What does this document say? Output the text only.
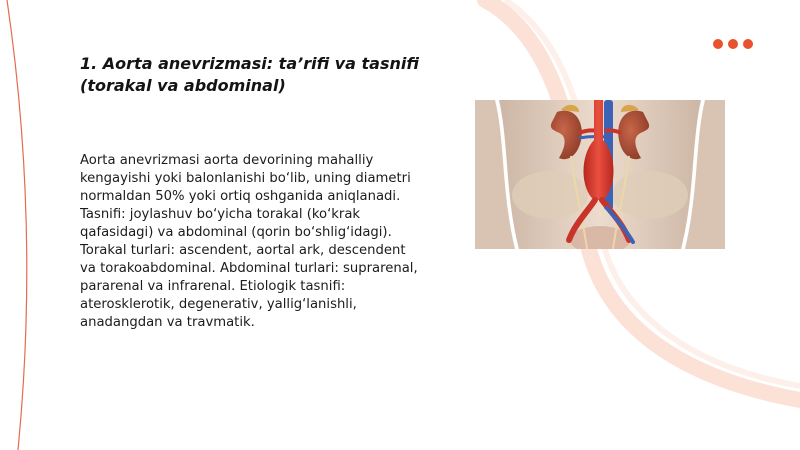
1. Aorta anevrizmasi: ta’rifi va tasnifi (torakal va abdominal)

Aorta anevrizmasi aorta devorining mahalliy kengayishi yoki balonlanishi bo‘lib, uning diametri normaldan 50% yoki ortiq oshganida aniqlanadi. Tasnifi: joylashuv bo‘yicha torakal (ko‘krak qafasidagi) va abdominal (qorin bo‘shlig‘idagi). Torakal turlari: ascendent, aortal ark, descendent va torakoabdominal. Abdominal turlari: suprarenal, pararenal va infrarenal. Etiologik tasnifi: aterosklerotik, degenerativ, yallig‘lanishli, anadangdan va travmatik.
